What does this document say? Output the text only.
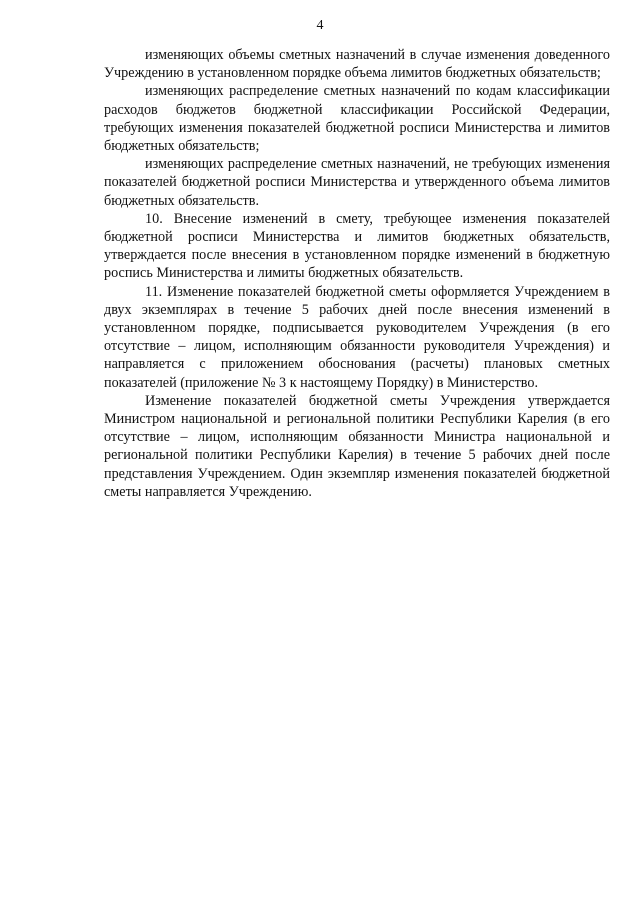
4

изменяющих объемы сметных назначений в случае изменения доведенного Учреждению в установленном порядке объема лимитов бюджетных обязательств;

изменяющих распределение сметных назначений по кодам классификации расходов бюджетов бюджетной классификации Российской Федерации, требующих изменения показателей бюджетной росписи Министерства и лимитов бюджетных обязательств;

изменяющих распределение сметных назначений, не требующих изменения показателей бюджетной росписи Министерства и утвержденного объема лимитов бюджетных обязательств.

10. Внесение изменений в смету, требующее изменения показателей бюджетной росписи Министерства и лимитов бюджетных обязательств, утверждается после внесения в установленном порядке изменений в бюджетную роспись Министерства и лимиты бюджетных обязательств.

11. Изменение показателей бюджетной сметы оформляется Учреждением в двух экземплярах в течение 5 рабочих дней после внесения изменений в установленном порядке, подписывается руководителем Учреждения (в его отсутствие – лицом, исполняющим обязанности руководителя Учреждения) и направляется с приложением обоснования (расчеты) плановых сметных показателей (приложение № 3 к настоящему Порядку) в Министерство.

Изменение показателей бюджетной сметы Учреждения утверждается Министром национальной и региональной политики Республики Карелия (в его отсутствие – лицом, исполняющим обязанности Министра национальной и региональной политики Республики Карелия) в течение 5 рабочих дней после представления Учреждением. Один экземпляр изменения показателей бюджетной сметы направляется Учреждению.
